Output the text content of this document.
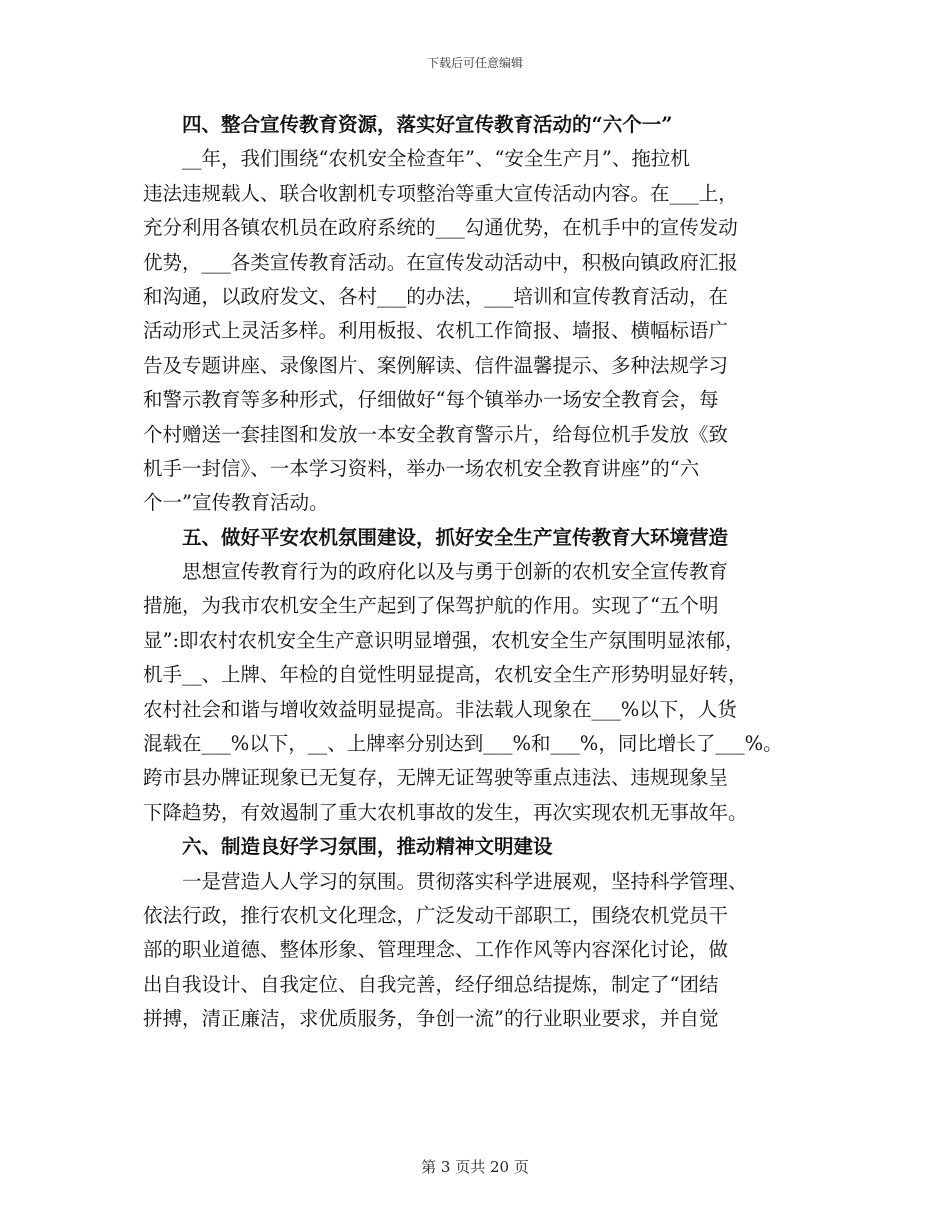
下载后可任意编辑
　　四、整合宣传教育资源，落实好宣传教育活动的“六个一”
　　__年，我们围绕“农机安全检查年”、“安全生产月”、拖拉机
违法违规载人、联合收割机专项整治等重大宣传活动内容。在___上，
充分利用各镇农机员在政府系统的___勾通优势，在机手中的宣传发动
优势，___各类宣传教育活动。在宣传发动活动中，积极向镇政府汇报
和沟通，以政府发文、各村___的办法，___培训和宣传教育活动，在
活动形式上灵活多样。利用板报、农机工作简报、墙报、横幅标语广
告及专题讲座、录像图片、案例解读、信件温馨提示、多种法规学习
和警示教育等多种形式，仔细做好“每个镇举办一场安全教育会，每
个村赠送一套挂图和发放一本安全教育警示片，给每位机手发放《致
机手一封信》、一本学习资料，举办一场农机安全教育讲座”的“六
个一”宣传教育活动。
　　五、做好平安农机氛围建设，抓好安全生产宣传教育大环境营造
　　思想宣传教育行为的政府化以及与勇于创新的农机安全宣传教育
措施，为我市农机安全生产起到了保驾护航的作用。实现了“五个明
显”:即农村农机安全生产意识明显增强，农机安全生产氛围明显浓郁，
机手__、上牌、年检的自觉性明显提高，农机安全生产形势明显好转，
农村社会和谐与增收效益明显提高。非法载人现象在___%以下，人货
混载在___%以下，__、上牌率分别达到___%和___%，同比增长了___%。
跨市县办牌证现象已无复存，无牌无证驾驶等重点违法、违规现象呈
下降趋势，有效遏制了重大农机事故的发生，再次实现农机无事故年。
　　六、制造良好学习氛围，推动精神文明建设
　　一是营造人人学习的氛围。贯彻落实科学进展观，坚持科学管理、
依法行政，推行农机文化理念，广泛发动干部职工，围绕农机党员干
部的职业道德、整体形象、管理理念、工作作风等内容深化讨论，做
出自我设计、自我定位、自我完善，经仔细总结提炼，制定了“团结
拼搏，清正廉洁，求优质服务，争创一流”的行业职业要求，并自觉
第 3 页共 20 页
